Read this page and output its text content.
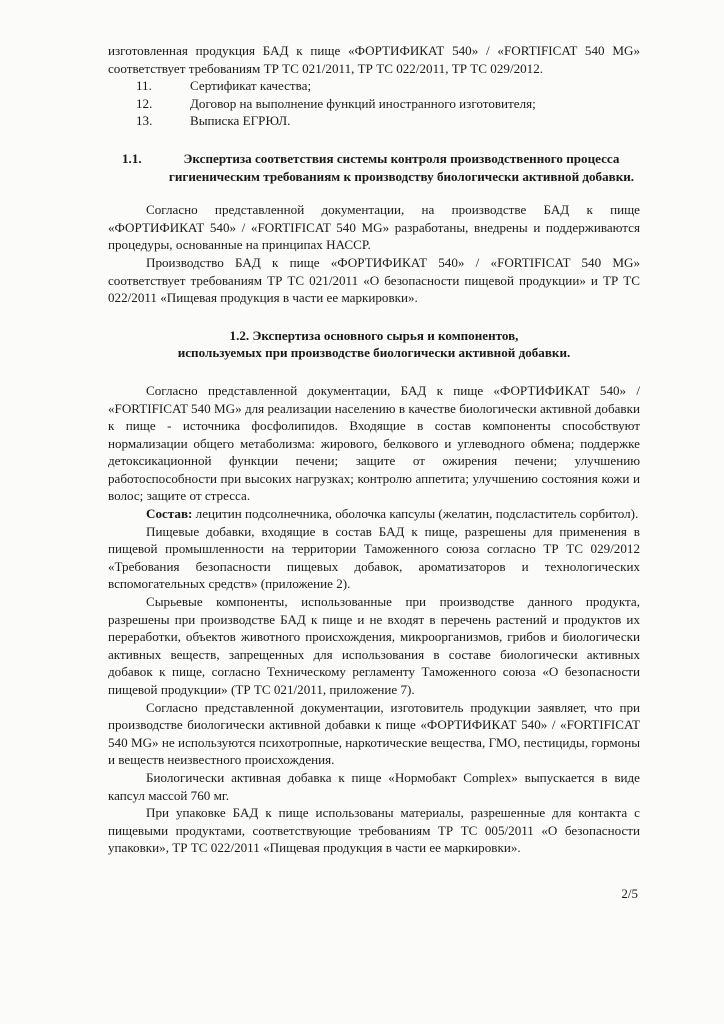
изготовленная продукция БАД к пище «ФОРТИФИКАТ 540» / «FORTIFICAT 540 MG» соответствует требованиям ТР ТС 021/2011, ТР ТС 022/2011, ТР ТС 029/2012.

11.	Сертификат качества;
12.	Договор на выполнение функций иностранного изготовителя;
13.	Выписка ЕГРЮЛ.
1.1.	Экспертиза соответствия системы контроля производственного процесса гигиеническим требованиям к производству биологически активной добавки.

Согласно представленной документации, на производстве БАД к пище «ФОРТИФИКАТ 540» / «FORTIFICAT 540 MG» разработаны, внедрены и поддерживаются процедуры, основанные на принципах НАССР.

Производство БАД к пище «ФОРТИФИКАТ 540» / «FORTIFICAT 540 MG» соответствует требованиям ТР ТС 021/2011 «О безопасности пищевой продукции» и ТР ТС 022/2011 «Пищевая продукция в части ее маркировки».

1.2. Экспертиза основного сырья и компонентов,
используемых при производстве биологически активной добавки.

Согласно представленной документации, БАД к пище «ФОРТИФИКАТ 540» / «FORTIFICAT 540 MG» для реализации населению в качестве биологически активной добавки к пище - источника фосфолипидов. Входящие в состав компоненты способствуют нормализации общего метаболизма: жирового, белкового и углеводного обмена; поддержке детоксикационной функции печени; защите от ожирения печени; улучшению работоспособности при высоких нагрузках; контролю аппетита; улучшению состояния кожи и волос; защите от стресса.

Состав: лецитин подсолнечника, оболочка капсулы (желатин, подсластитель сорбитол).

Пищевые добавки, входящие в состав БАД к пище, разрешены для применения в пищевой промышленности на территории Таможенного союза согласно ТР ТС 029/2012 «Требования безопасности пищевых добавок, ароматизаторов и технологических вспомогательных средств» (приложение 2).

Сырьевые компоненты, использованные при производстве данного продукта, разрешены при производстве БАД к пище и не входят в перечень растений и продуктов их переработки, объектов животного происхождения, микроорганизмов, грибов и биологически активных веществ, запрещенных для использования в составе биологически активных добавок к пище, согласно Техническому регламенту Таможенного союза «О безопасности пищевой продукции» (ТР ТС 021/2011, приложение 7).

Согласно представленной документации, изготовитель продукции заявляет, что при производстве биологически активной добавки к пище «ФОРТИФИКАТ 540» / «FORTIFICAT 540 MG» не используются психотропные, наркотические вещества, ГМО, пестициды, гормоны и веществ неизвестного происхождения.

Биологически активная добавка к пище «Нормобакт Complex» выпускается в виде капсул массой 760 мг.

При упаковке БАД к пище использованы материалы, разрешенные для контакта с пищевыми продуктами, соответствующие требованиям ТР ТС 005/2011 «О безопасности упаковки», ТР ТС 022/2011 «Пищевая продукция в части ее маркировки».

2/5
